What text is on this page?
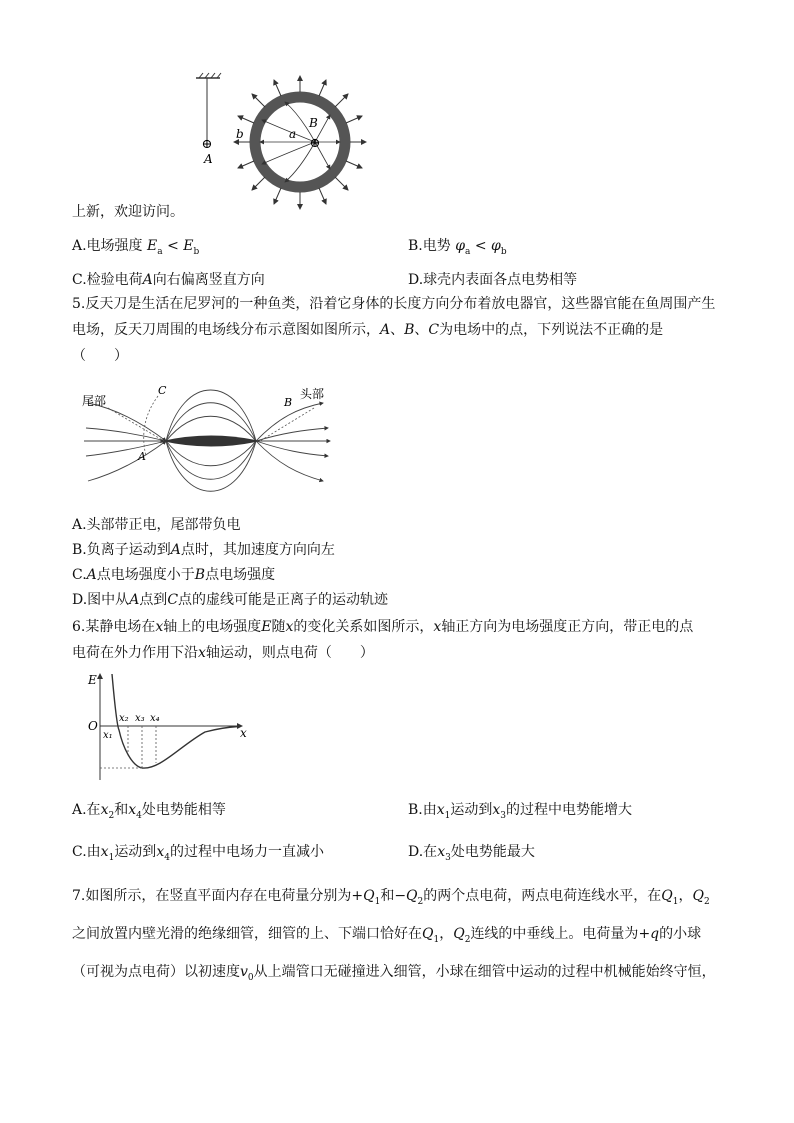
⊕
A
⊕
B
a
b
上新，欢迎访问。
A.电场强度 $E_a < E_b$	B.电势 $\varphi_a < \varphi_b$
C.检验电荷A向右偏离竖直方向	D.球壳内表面各点电势相等
5.反天刀是生活在尼罗河的一种鱼类，沿着它身体的长度方向分布着放电器官，这些器官能在鱼周围产生
电场，反天刀周围的电场线分布示意图如图所示，A、B、C为电场中的点，下列说法不正确的是
（　　）
尾部	头部
A
B
C
A.头部带正电，尾部带负电
B.负离子运动到A点时，其加速度方向向左
C.A点电场强度小于B点电场强度
D.图中从A点到C点的虚线可能是正离子的运动轨迹
6.某静电场在x轴上的电场强度E随x的变化关系如图所示，x轴正方向为电场强度正方向，带正电的点
电荷在外力作用下沿x轴运动，则点电荷（　　）
E
O	x
x₁
x₂ x₃ x₄
A.在$x_2$和$x_4$处电势能相等	B.由$x_1$运动到$x_3$的过程中电势能增大
C.由$x_1$运动到$x_4$的过程中电场力一直减小	D.在$x_3$处电势能最大
7.如图所示，在竖直平面内存在电荷量分别为$+Q_1$和$-Q_2$的两个点电荷，两点电荷连线水平，在$Q_1$，$Q_2$
之间放置内壁光滑的绝缘细管，细管的上、下端口恰好在$Q_1$，$Q_2$连线的中垂线上。电荷量为+q的小球
（可视为点电荷）以初速度$v_0$从上端管口无碰撞进入细管，小球在细管中运动的过程中机械能始终守恒，
